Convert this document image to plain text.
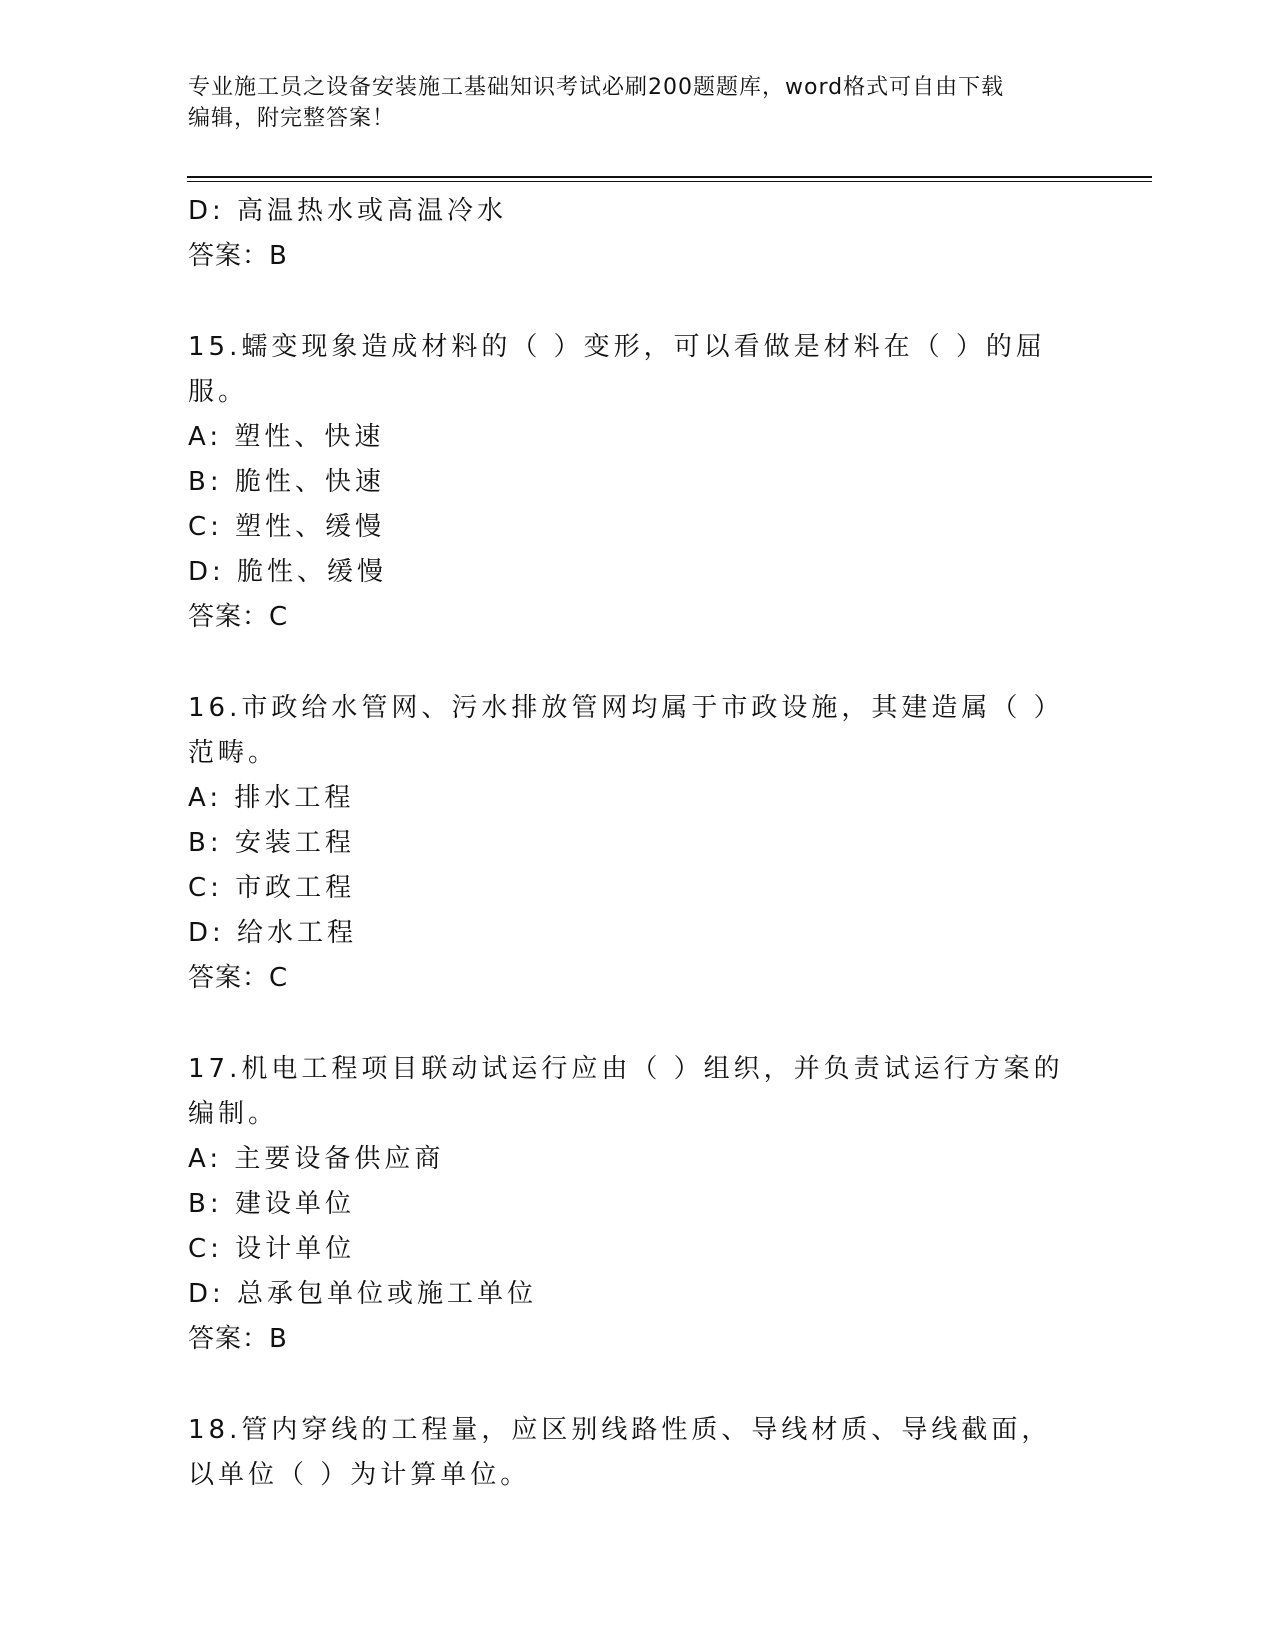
专业施工员之设备安装施工基础知识考试必刷200题题库，word格式可自由下载
编辑，附完整答案！
D: 高温热水或高温冷水
答案：B
15.蠕变现象造成材料的（ ）变形，可以看做是材料在（ ）的屈服。
A: 塑性、快速
B: 脆性、快速
C: 塑性、缓慢
D: 脆性、缓慢
答案：C
16.市政给水管网、污水排放管网均属于市政设施，其建造属（ ）范畴。
A: 排水工程
B: 安装工程
C: 市政工程
D: 给水工程
答案：C
17.机电工程项目联动试运行应由（ ）组织，并负责试运行方案的编制。
A: 主要设备供应商
B: 建设单位
C: 设计单位
D: 总承包单位或施工单位
答案：B
18.管内穿线的工程量，应区别线路性质、导线材质、导线截面，以单位（ ）为计算单位。
